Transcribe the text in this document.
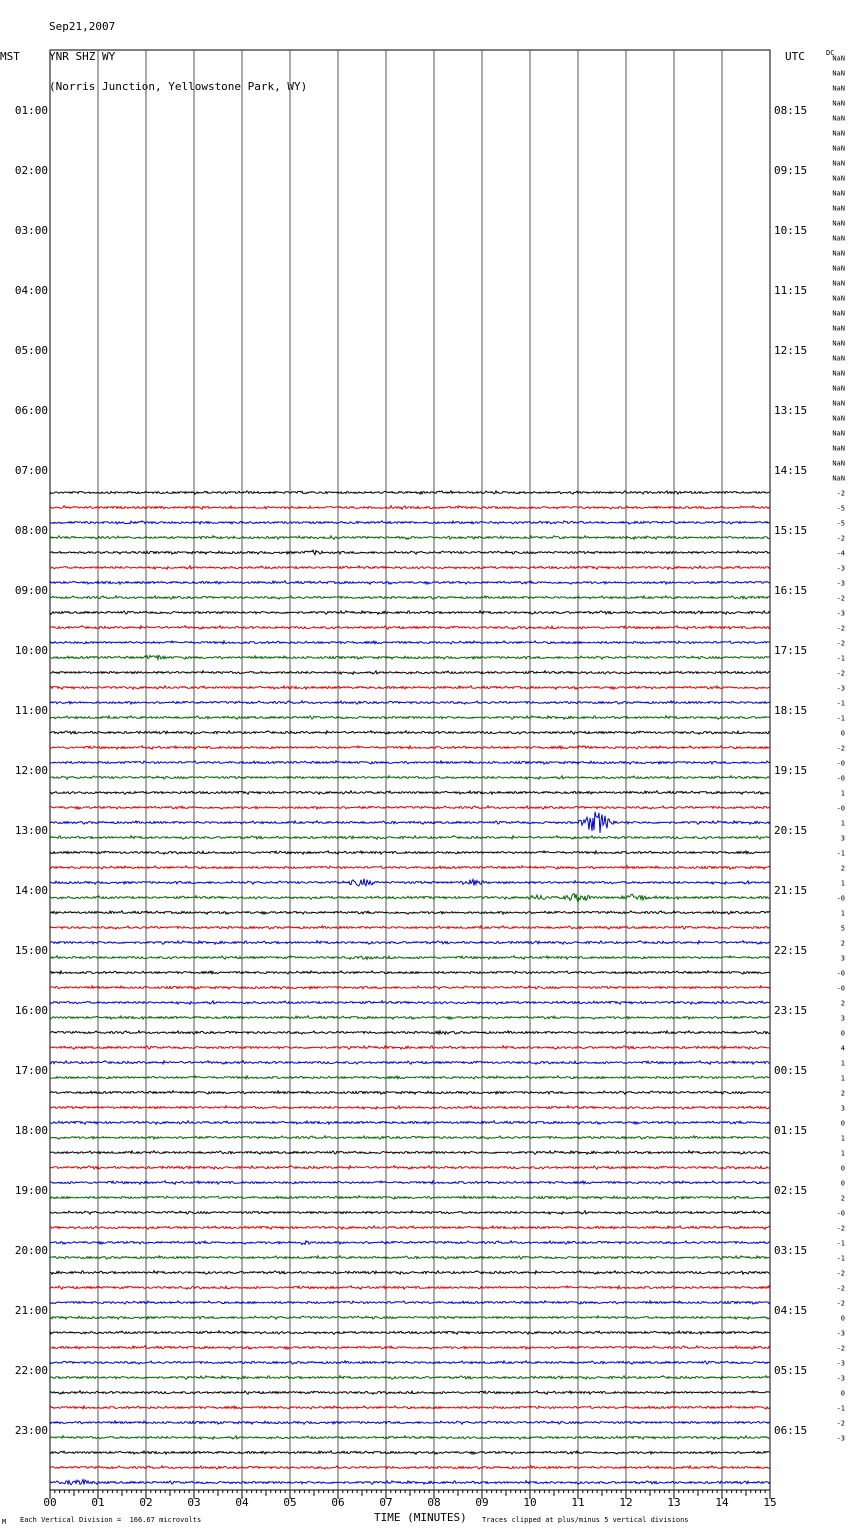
Sep21,2007

YNR SHZ WY

(Norris Junction, Yellowstone Park, WY)

MST	UTC	DC
01:00
02:00
03:00
04:00
05:00
06:00
07:00
08:00
09:00
10:00
11:00
12:00
13:00
14:00
15:00
16:00
17:00
18:00
19:00
20:00
21:00
22:00
23:00
08:15
09:15
10:15
11:15
12:15
13:15
14:15
15:15
16:15
17:15
18:15
19:15
20:15
21:15
22:15
23:15
00:15
01:15
02:15
03:15
04:15
05:15
06:15
NaN
NaN
NaN
NaN
NaN
NaN
NaN
NaN
NaN
NaN
NaN
NaN
NaN
NaN
NaN
NaN
NaN
NaN
NaN
NaN
NaN
NaN
NaN
NaN
NaN
NaN
NaN
NaN
NaN
-2
-5
-5
-2
-4
-3
-3
-2
-3
-2
-2
-1
-2
-3
-1
-1
0
-2
-0
-0
1
-0
1
3
-1
2
1
-0
1
5
2
3
-0
-0
2
3
0
4
1
1
2
3
0
1
1
0
0
2
-0
-2
-1
-1
-2
-2
-2
0
-3
-2
-3
-3
0
-1
-2
-3
00	01	02	03	04	05	06	07	08	09	10	11	12	13	14	15
M Each Vertical Division =  166.67 microvolts	TIME (MINUTES) Traces clipped at plus/minus 5 vertical divisions
